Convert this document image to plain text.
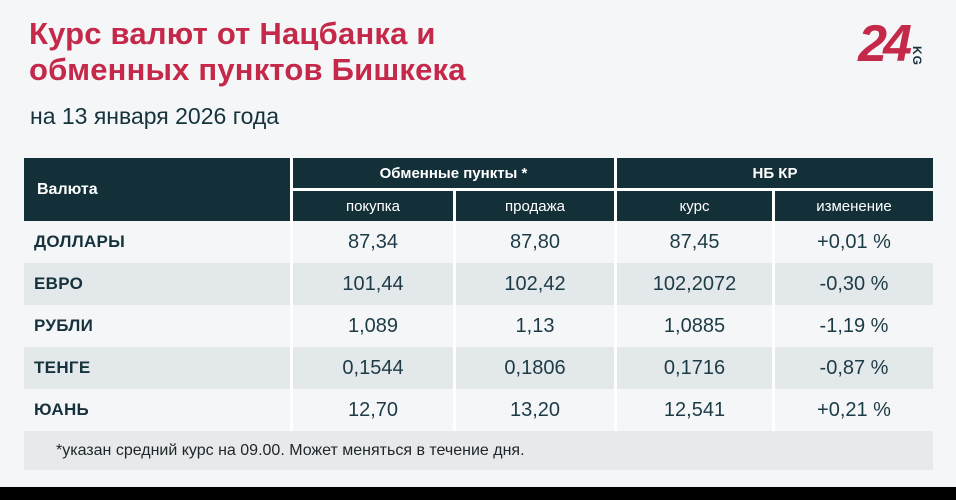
Курс валют от Нацбанка и
обменных пунктов Бишкека
на 13 января 2026 года
24 KG
Валюта
Обменные пункты *	НБ КР
покупка	продажа	курс	изменение
ДОЛЛАРЫ	87,34	87,80	87,45	+0,01 %
ЕВРО	101,44	102,42	102,2072	-0,30 %
РУБЛИ	1,089	1,13	1,0885	-1,19 %
ТЕНГЕ	0,1544	0,1806	0,1716	-0,87 %
ЮАНЬ	12,70	13,20	12,541	+0,21 %
*указан средний курс на 09.00. Может меняться в течение дня.
